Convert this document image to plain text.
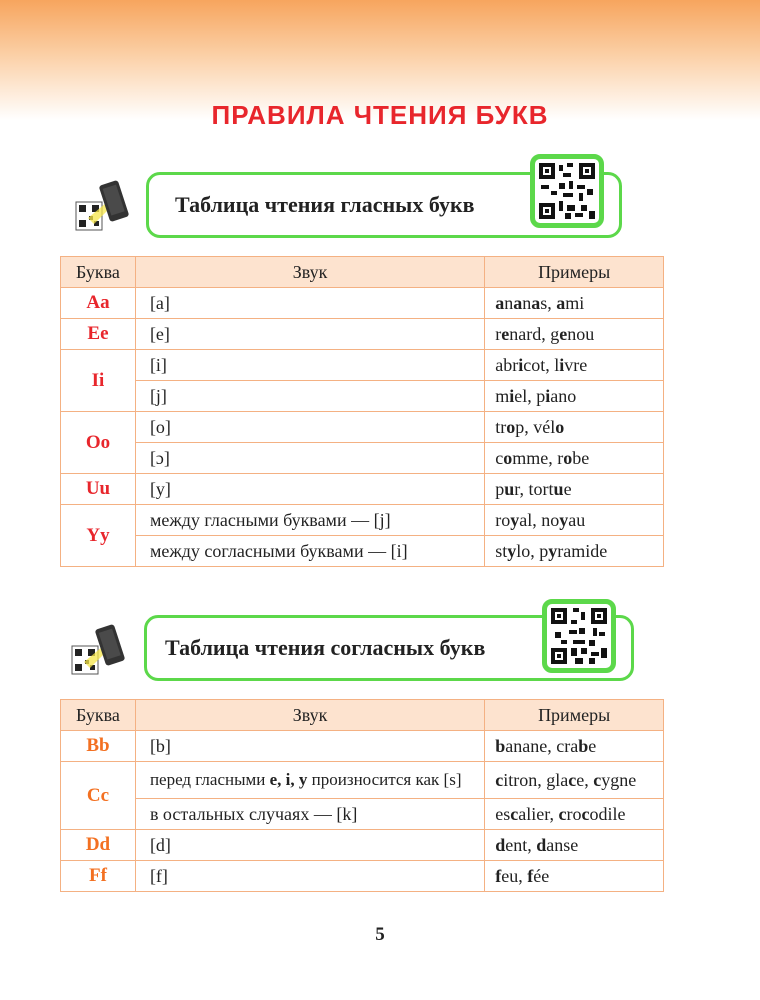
ПРАВИЛА ЧТЕНИЯ БУКВ
Таблица чтения гласных букв
Буква	Звук	Примеры
Aa	[a]	ananas, ami
Ee	[e]	renard, genou
Ii	[i]	abricot, livre
	[j]	miel, piano
Oo	[o]	trop, vélo
	[ɔ]	comme, robe
Uu	[y]	pur, tortue
Yy	между гласными буквами — [j]	royal, noyau
	между согласными буквами — [i]	stylo, pyramide
Таблица чтения согласных букв
Буква	Звук	Примеры
Bb	[b]	banane, crabe
Cc	перед гласными e, i, y произносится как [s]	citron, glace, cygne
	в остальных случаях — [k]	escalier, crocodile
Dd	[d]	dent, danse
Ff	[f]	feu, fée
5
